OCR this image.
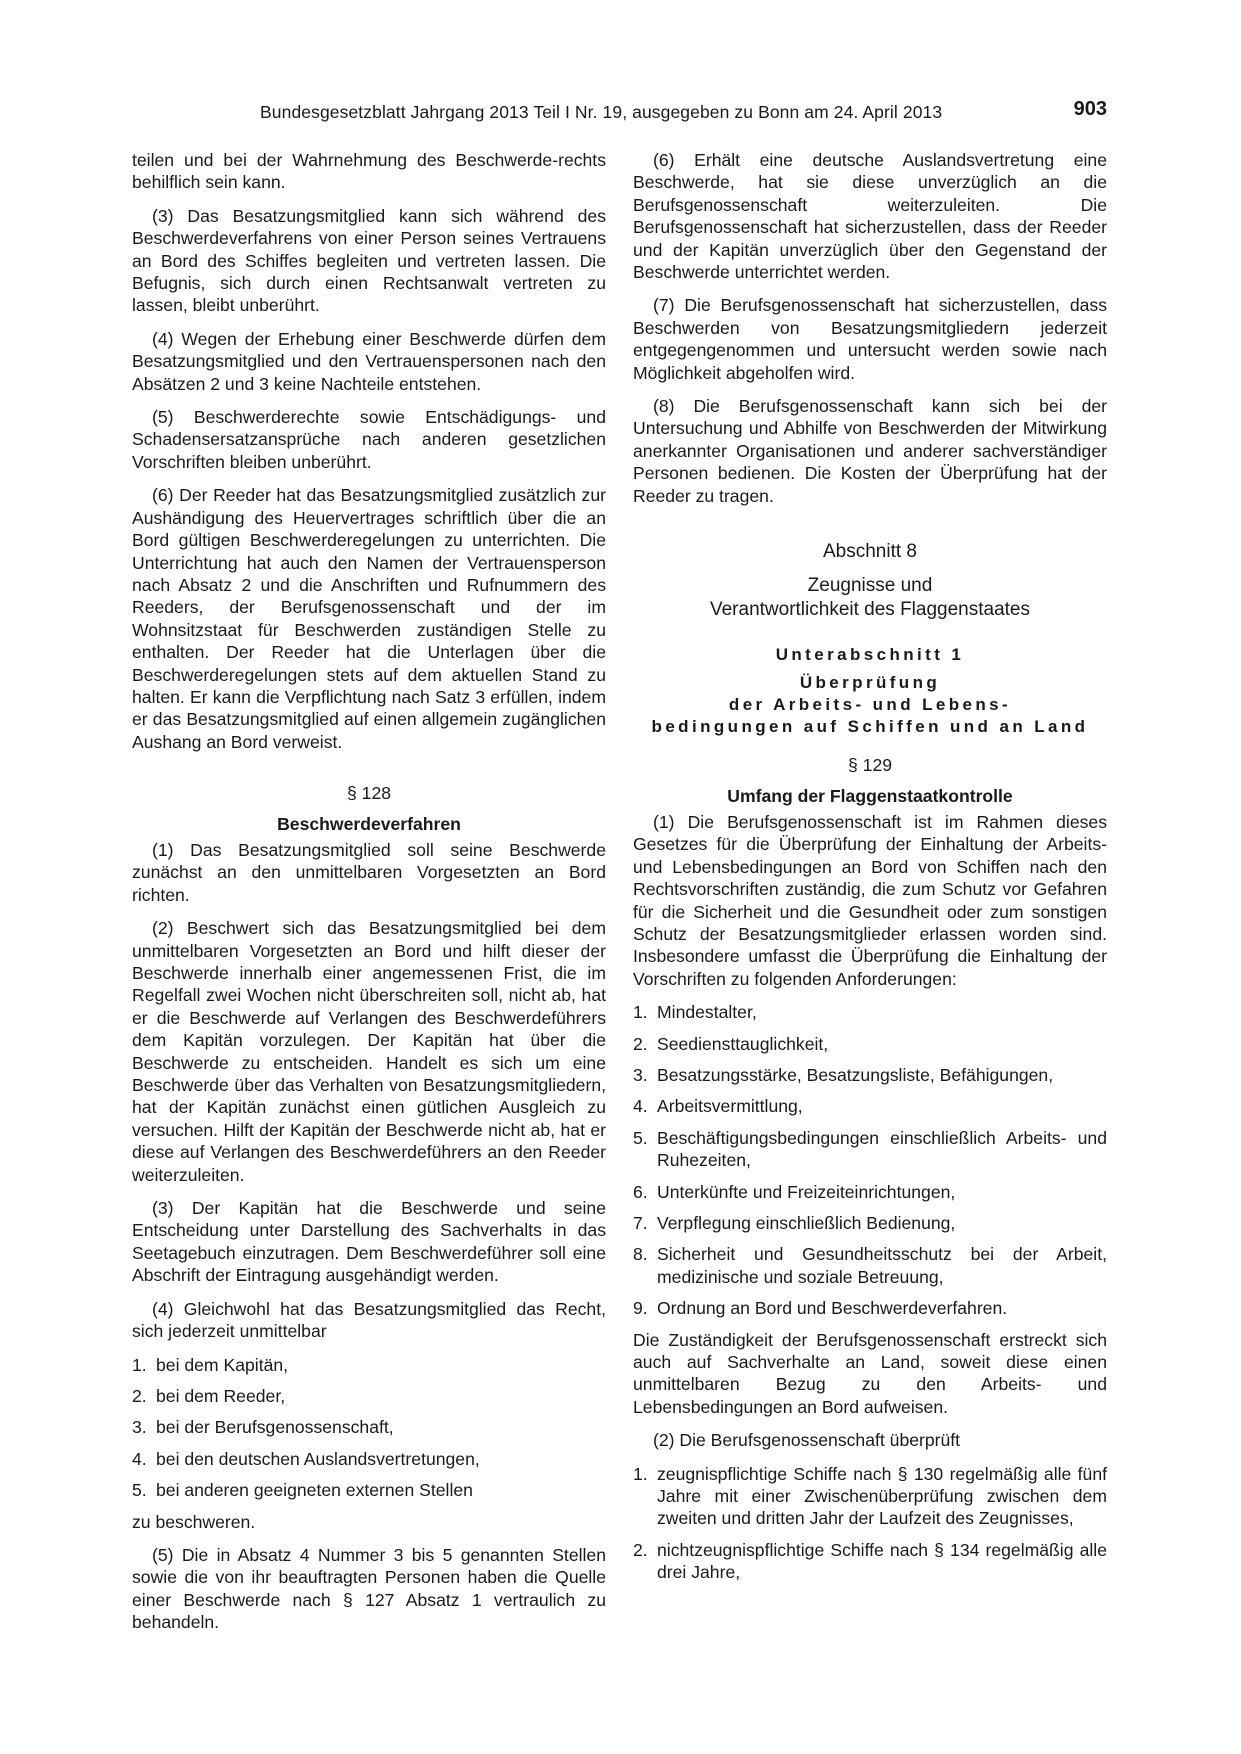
Bundesgesetzblatt Jahrgang 2013 Teil I Nr. 19, ausgegeben zu Bonn am 24. April 2013	903

teilen und bei der Wahrnehmung des Beschwerde-rechts behilflich sein kann.

(3) Das Besatzungsmitglied kann sich während des Beschwerdeverfahrens von einer Person seines Vertrauens an Bord des Schiffes begleiten und vertreten lassen. Die Befugnis, sich durch einen Rechtsanwalt vertreten zu lassen, bleibt unberührt.

(4) Wegen der Erhebung einer Beschwerde dürfen dem Besatzungsmitglied und den Vertrauenspersonen nach den Absätzen 2 und 3 keine Nachteile entstehen.

(5) Beschwerderechte sowie Entschädigungs- und Schadensersatzansprüche nach anderen gesetzlichen Vorschriften bleiben unberührt.

(6) Der Reeder hat das Besatzungsmitglied zusätzlich zur Aushändigung des Heuervertrages schriftlich über die an Bord gültigen Beschwerderegelungen zu unterrichten. Die Unterrichtung hat auch den Namen der Vertrauensperson nach Absatz 2 und die Anschriften und Rufnummern des Reeders, der Berufsgenossenschaft und der im Wohnsitzstaat für Beschwerden zuständigen Stelle zu enthalten. Der Reeder hat die Unterlagen über die Beschwerderegelungen stets auf dem aktuellen Stand zu halten. Er kann die Verpflichtung nach Satz 3 erfüllen, indem er das Besatzungsmitglied auf einen allgemein zugänglichen Aushang an Bord verweist.

§ 128

Beschwerdeverfahren

(1) Das Besatzungsmitglied soll seine Beschwerde zunächst an den unmittelbaren Vorgesetzten an Bord richten.

(2) Beschwert sich das Besatzungsmitglied bei dem unmittelbaren Vorgesetzten an Bord und hilft dieser der Beschwerde innerhalb einer angemessenen Frist, die im Regelfall zwei Wochen nicht überschreiten soll, nicht ab, hat er die Beschwerde auf Verlangen des Beschwerdeführers dem Kapitän vorzulegen. Der Kapitän hat über die Beschwerde zu entscheiden. Handelt es sich um eine Beschwerde über das Verhalten von Besatzungsmitgliedern, hat der Kapitän zunächst einen gütlichen Ausgleich zu versuchen. Hilft der Kapitän der Beschwerde nicht ab, hat er diese auf Verlangen des Beschwerdeführers an den Reeder weiterzuleiten.

(3) Der Kapitän hat die Beschwerde und seine Entscheidung unter Darstellung des Sachverhalts in das Seetagebuch einzutragen. Dem Beschwerdeführer soll eine Abschrift der Eintragung ausgehändigt werden.

(4) Gleichwohl hat das Besatzungsmitglied das Recht, sich jederzeit unmittelbar

1. bei dem Kapitän,
2. bei dem Reeder,
3. bei der Berufsgenossenschaft,
4. bei den deutschen Auslandsvertretungen,
5. bei anderen geeigneten externen Stellen

zu beschweren.

(5) Die in Absatz 4 Nummer 3 bis 5 genannten Stellen sowie die von ihr beauftragten Personen haben die Quelle einer Beschwerde nach § 127 Absatz 1 vertraulich zu behandeln.

(6) Erhält eine deutsche Auslandsvertretung eine Beschwerde, hat sie diese unverzüglich an die Berufsgenossenschaft weiterzuleiten. Die Berufsgenossenschaft hat sicherzustellen, dass der Reeder und der Kapitän unverzüglich über den Gegenstand der Beschwerde unterrichtet werden.

(7) Die Berufsgenossenschaft hat sicherzustellen, dass Beschwerden von Besatzungsmitgliedern jederzeit entgegengenommen und untersucht werden sowie nach Möglichkeit abgeholfen wird.

(8) Die Berufsgenossenschaft kann sich bei der Untersuchung und Abhilfe von Beschwerden der Mitwirkung anerkannter Organisationen und anderer sachverständiger Personen bedienen. Die Kosten der Überprüfung hat der Reeder zu tragen.

Abschnitt 8

Zeugnisse und

Verantwortlichkeit des Flaggenstaates

Unterabschnitt 1

Überprüfung

der Arbeits- und Lebens-

bedingungen auf Schiffen und an Land

§ 129

Umfang der Flaggenstaatkontrolle

(1) Die Berufsgenossenschaft ist im Rahmen dieses Gesetzes für die Überprüfung der Einhaltung der Arbeits- und Lebensbedingungen an Bord von Schiffen nach den Rechtsvorschriften zuständig, die zum Schutz vor Gefahren für die Sicherheit und die Gesundheit oder zum sonstigen Schutz der Besatzungsmitglieder erlassen worden sind. Insbesondere umfasst die Überprüfung die Einhaltung der Vorschriften zu folgenden Anforderungen:

1. Mindestalter,
2. Seediensttauglichkeit,
3. Besatzungsstärke, Besatzungsliste, Befähigungen,
4. Arbeitsvermittlung,
5. Beschäftigungsbedingungen einschließlich Arbeits- und Ruhezeiten,
6. Unterkünfte und Freizeiteinrichtungen,
7. Verpflegung einschließlich Bedienung,
8. Sicherheit und Gesundheitsschutz bei der Arbeit, medizinische und soziale Betreuung,
9. Ordnung an Bord und Beschwerdeverfahren.

Die Zuständigkeit der Berufsgenossenschaft erstreckt sich auch auf Sachverhalte an Land, soweit diese einen unmittelbaren Bezug zu den Arbeits- und Lebensbedingungen an Bord aufweisen.

(2) Die Berufsgenossenschaft überprüft

1. zeugnispflichtige Schiffe nach § 130 regelmäßig alle fünf Jahre mit einer Zwischenüberprüfung zwischen dem zweiten und dritten Jahr der Laufzeit des Zeugnisses,
2. nichtzeugnispflichtige Schiffe nach § 134 regelmäßig alle drei Jahre,
